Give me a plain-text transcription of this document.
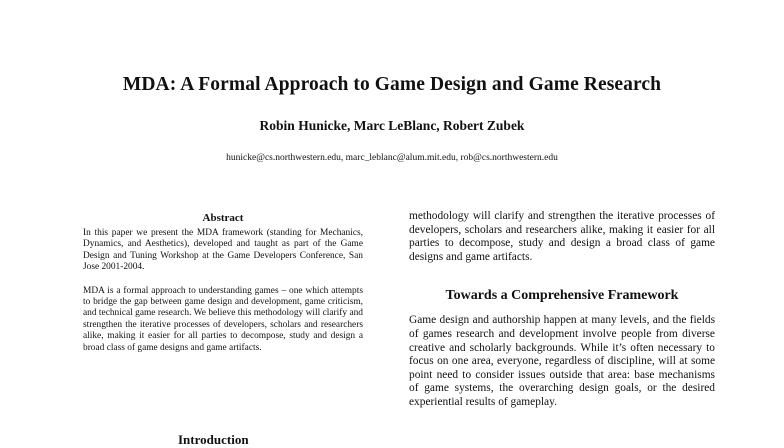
MDA: A Formal Approach to Game Design and Game Research
Robin Hunicke, Marc LeBlanc, Robert Zubek
hunicke@cs.northwestern.edu, marc_leblanc@alum.mit.edu, rob@cs.northwestern.edu
Abstract

In this paper we present the MDA framework (standing for Mechanics, Dynamics, and Aesthetics), developed and taught as part of the Game Design and Tuning Workshop at the Game Developers Conference, San Jose 2001-2004.

MDA is a formal approach to understanding games – one which attempts to bridge the gap between game design and development, game criticism, and technical game research. We believe this methodology will clarify and strengthen the iterative processes of developers, scholars and researchers alike, making it easier for all parties to decompose, study and design a broad class of game designs and game artifacts.

methodology will clarify and strengthen the iterative processes of developers, scholars and researchers alike, making it easier for all parties to decompose, study and design a broad class of game designs and game artifacts.

Towards a Comprehensive Framework

Game design and authorship happen at many levels, and the fields of games research and development involve people from diverse creative and scholarly backgrounds. While it’s often necessary to focus on one area, everyone, regardless of discipline, will at some point need to consider issues outside that area: base mechanisms of game systems, the overarching design goals, or the desired experiential results of gameplay.

Introduction
